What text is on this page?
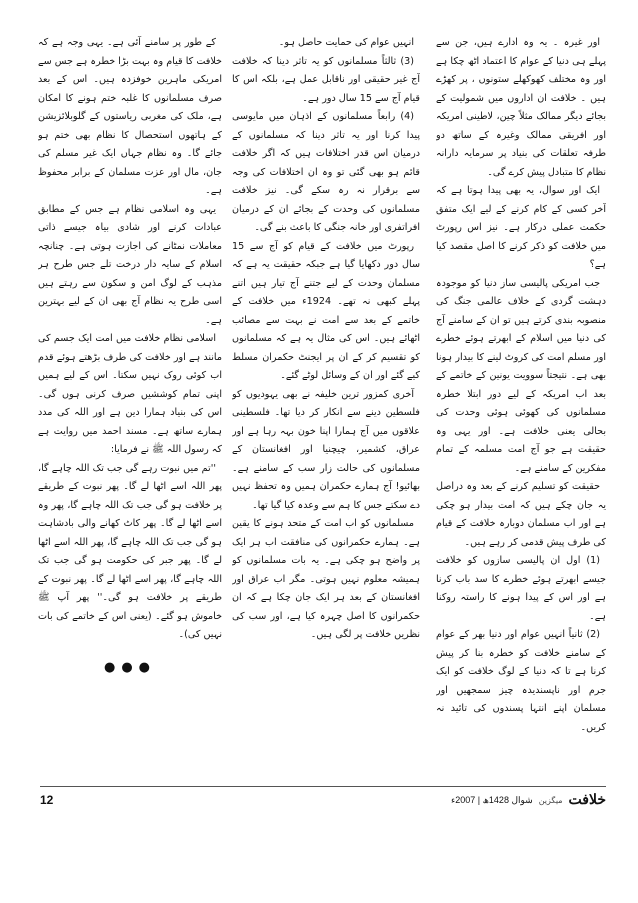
اور غیرہ ۔ یہ وہ ادارے ہیں، جن سے پہلے ہی دنیا کے عوام کا اعتماد اٹھ چکا ہے اور وہ مختلف کھوکھلے ستونوں ، پر کھڑے ہیں ۔ خلافت ان اداروں میں شمولیت کے بجائے دیگر ممالک مثلاً چین، لاطینی امریکہ اور افریقی ممالک وغیرہ کے ساتھ دو طرفہ تعلقات کی بنیاد پر سرمایہ دارانہ نظام کا متبادل پیش کرے گی۔

ایک اور سوال، یہ بھی پیدا ہوتا ہے کہ آخر کسی کے کام کرنے کے لیے ایک متفق حکمت عملی درکار ہے۔ نیز اس رپورٹ میں خلافت کو ذکر کرنے کا اصل مقصد کیا ہے؟

جب امریکی پالیسی ساز دنیا کو موجودہ دہشت گردی کے خلاف عالمی جنگ کی منصوبہ بندی کرتے ہیں تو ان کے سامنے آج کی دنیا میں اسلام کے ابھرتے ہوئے خطرے اور مسلم امت کی کروٹ لینے کا بیدار ہونا بھی ہے۔ نتیجتاً سوویت یونین کے خاتمے کے بعد اب امریکہ کے لیے دور ابتلا خطرہ مسلمانوں کی کھوئی ہوئی وحدت کی بحالی یعنی خلافت ہے۔ اور یہی وہ حقیقت ہے جو آج امت مسلمہ کے تمام مفکرین کے سامنے ہے۔

حقیقت کو تسلیم کرنے کے بعد وہ دراصل یہ جان چکے ہیں کہ امت بیدار ہو چکی ہے اور اب مسلمان دوبارہ خلافت کے قیام کی طرف پیش قدمی کر رہے ہیں۔

(1) اول ان پالیسی سازوں کو خلافت جیسے ابھرتے ہوئے خطرے کا سد باب کرنا ہے اور اس کے پیدا ہونے کا راستہ روکنا ہے۔

(2) ثانیاً انہیں عوام اور دنیا بھر کے عوام کے سامنے خلافت کو خطرہ بنا کر پیش کرنا ہے تا کہ دنیا کے لوگ خلافت کو ایک جرم اور ناپسندیدہ چیز سمجھیں اور مسلمان اپنے انتہا پسندوں کی تائید نہ کریں۔

انہیں عوام کی حمایت حاصل ہو۔

(3) ثالثاً مسلمانوں کو یہ تاثر دینا کہ خلافت آج غیر حقیقی اور ناقابل عمل ہے، بلکہ اس کا قیام آج سے 15 سال دور ہے۔

(4) رابعاً مسلمانوں کے اذہان میں مایوسی پیدا کرنا اور یہ تاثر دینا کہ مسلمانوں کے درمیان اس قدر اختلافات ہیں کہ اگر خلافت قائم ہو بھی گئی تو وہ ان اختلافات کی وجہ سے برقرار نہ رہ سکے گی۔ نیز خلافت مسلمانوں کی وحدت کے بجائے ان کے درمیان افراتفری اور خانہ جنگی کا باعث بنے گی۔

رپورٹ میں خلافت کے قیام کو آج سے 15 سال دور دکھایا گیا ہے جبکہ حقیقت یہ ہے کہ مسلمان وحدت کے لیے جتنے آج تیار ہیں اتنے پہلے کبھی نہ تھے۔ 1924ء میں خلافت کے خاتمے کے بعد سے امت نے بہت سے مصائب اٹھائے ہیں۔ اس کی مثال یہ ہے کہ مسلمانوں کو تقسیم کر کے ان پر ایجنٹ حکمران مسلط کیے گئے اور ان کے وسائل لوٹے گئے۔

آخری کمزور ترین خلیفہ نے بھی یہودیوں کو فلسطین دینے سے انکار کر دیا تھا۔ فلسطینی علاقوں میں آج ہمارا اپنا خون بہہ رہا ہے اور عراق، کشمیر، چیچنیا اور افغانستان کے مسلمانوں کی حالت زار سب کے سامنے ہے۔ بھائیو! آج ہمارے حکمران ہمیں وہ تحفظ نہیں دے سکتے جس کا ہم سے وعدہ کیا گیا تھا۔

مسلمانوں کو اب امت کے متحد ہونے کا یقین ہے۔ ہمارے حکمرانوں کی منافقت اب ہر ایک پر واضح ہو چکی ہے۔ یہ بات مسلمانوں کو ہمیشہ معلوم نہیں ہوتی۔ مگر اب عراق اور افغانستان کے بعد ہر ایک جان چکا ہے کہ ان حکمرانوں کا اصل چہرہ کیا ہے، اور سب کی نظریں خلافت پر لگی ہیں۔

کے طور پر سامنے آئی ہے۔ یہی وجہ ہے کہ خلافت کا قیام وہ بہت بڑا خطرہ ہے جس سے امریکی ماہرین خوفزدہ ہیں۔ اس کے بعد صرف مسلمانوں کا غلبہ ختم ہونے کا امکان ہے، ملک کی مغربی ریاستوں کے گلوبلائزیشن کے ہاتھوں استحصال کا نظام بھی ختم ہو جائے گا۔ وہ نظام جہاں ایک غیر مسلم کی جان، مال اور عزت مسلمان کے برابر محفوظ ہے۔

یہی وہ اسلامی نظام ہے جس کے مطابق عبادات کرنے اور شادی بیاہ جیسے ذاتی معاملات نمٹانے کی اجازت ہوتی ہے۔ چنانچہ اسلام کے سایہ دار درخت تلے جس طرح ہر مذہب کے لوگ امن و سکون سے رہتے ہیں اسی طرح یہ نظام آج بھی ان کے لیے بہترین ہے۔

اسلامی نظام خلافت میں امت ایک جسم کی مانند ہے اور خلافت کی طرف بڑھتے ہوئے قدم اب کوئی روک نہیں سکتا۔ اس کے لیے ہمیں اپنی تمام کوششیں صرف کرنی ہوں گی۔ اس کی بنیاد ہمارا دین ہے اور اللہ کی مدد ہمارے ساتھ ہے۔ مسند احمد میں روایت ہے کہ رسول اللہ ﷺ نے فرمایا:

''تم میں نبوت رہے گی جب تک اللہ چاہے گا، پھر اللہ اسے اٹھا لے گا۔ پھر نبوت کے طریقے پر خلافت ہو گی جب تک اللہ چاہے گا، پھر وہ اسے اٹھا لے گا۔ پھر کاٹ کھانے والی بادشاہت ہو گی جب تک اللہ چاہے گا، پھر اللہ اسے اٹھا لے گا۔ پھر جبر کی حکومت ہو گی جب تک اللہ چاہے گا، پھر اسے اٹھا لے گا۔ پھر نبوت کے طریقے پر خلافت ہو گی۔'' پھر آپ ﷺ خاموش ہو گئے۔ (یعنی اس کے خاتمے کی بات نہیں کی)۔

●●●
12	خلافت
میگزین
شوال 1428ھ | 2007ء
